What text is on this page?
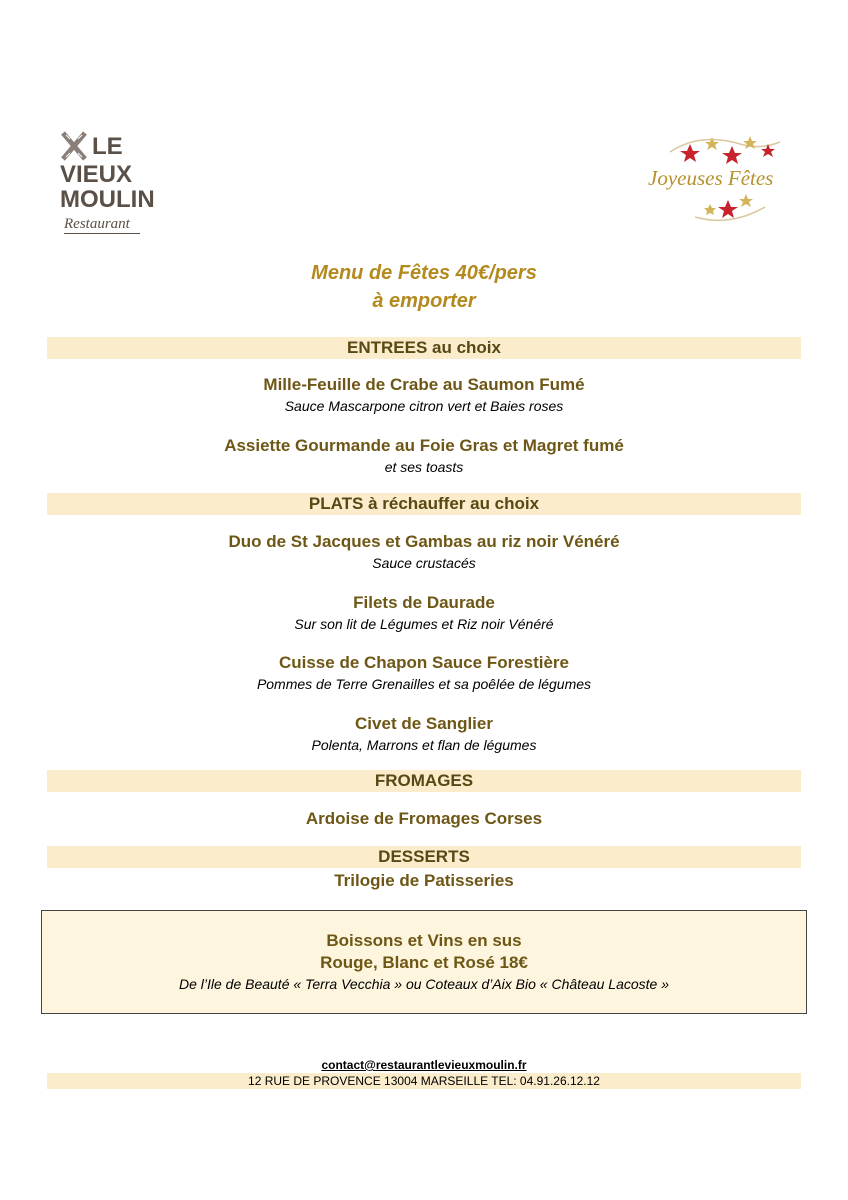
LE
VIEUX
MOULIN
Restaurant
Joyeuses Fêtes
Menu de Fêtes 40€/pers
à emporter
ENTREES au choix
Mille-Feuille de Crabe au Saumon Fumé
Sauce Mascarpone citron vert et Baies roses
Assiette Gourmande au Foie Gras et Magret fumé
et ses toasts
PLATS à réchauffer au choix
Duo de St Jacques et Gambas au riz noir Vénéré
Sauce crustacés
Filets de Daurade
Sur son lit de Légumes et Riz noir Vénéré
Cuisse de Chapon Sauce Forestière
Pommes de Terre Grenailles et sa poêlée de légumes
Civet de Sanglier
Polenta, Marrons et flan de légumes
FROMAGES
Ardoise de Fromages Corses
DESSERTS
Trilogie de Patisseries
Boissons et Vins en sus
Rouge, Blanc et Rosé 18€
De l’Ile de Beauté « Terra Vecchia » ou Coteaux d’Aix Bio « Château Lacoste »
contact@restaurantlevieuxmoulin.fr
12 RUE DE PROVENCE 13004 MARSEILLE TEL: 04.91.26.12.12
